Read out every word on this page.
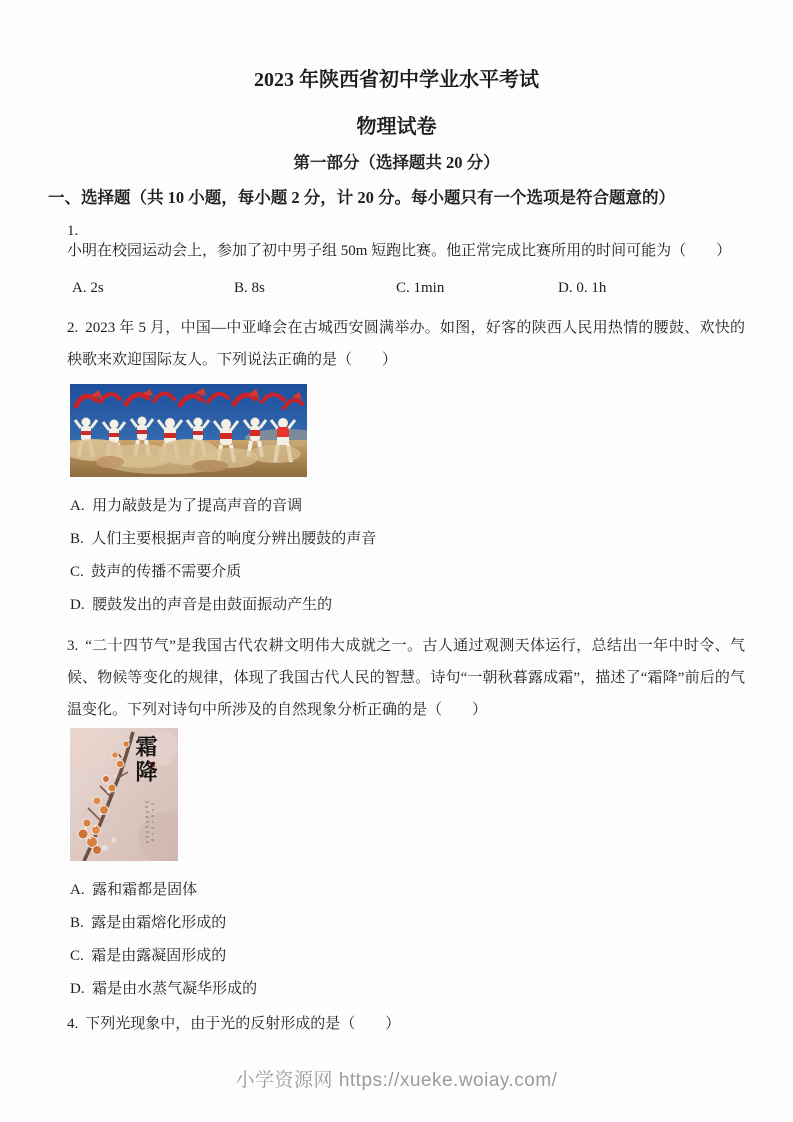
2023 年陕西省初中学业水平考试
物理试卷
第一部分（选择题共 20 分）
一、选择题（共 10 小题，每小题 2 分，计 20 分。每小题只有一个选项是符合题意的）

1.小明在校园运动会上，参加了初中男子组 50m 短跑比赛。他正常完成比赛所用的时间可能为（　　）

A. 2s	B. 8s	C. 1min	D. 0. 1h

2. 2023 年 5 月，中国—中亚峰会在古城西安圆满举办。如图，好客的陕西人民用热情的腰鼓、欢快的秧歌来欢迎国际友人。下列说法正确的是（　　）

A.  用力敲鼓是为了提高声音的音调
B.  人们主要根据声音的响度分辨出腰鼓的声音
C.  鼓声的传播不需要介质
D.  腰鼓发出的声音是由鼓面振动产生的

3. “二十四节气”是我国古代农耕文明伟大成就之一。古人通过观测天体运行，总结出一年中时令、气候、物候等变化的规律，体现了我国古代人民的智慧。诗句“一朝秋暮露成霜”，描述了“霜降”前后的气温变化。下列对诗句中所涉及的自然现象分析正确的是（　　）

霜降
A.  露和霜都是固体
B.  露是由霜熔化形成的
C.  霜是由露凝固形成的
D.  霜是由水蒸气凝华形成的

4. 下列光现象中，由于光的反射形成的是（　　）

小学资源网 https://xueke.woiay.com/
